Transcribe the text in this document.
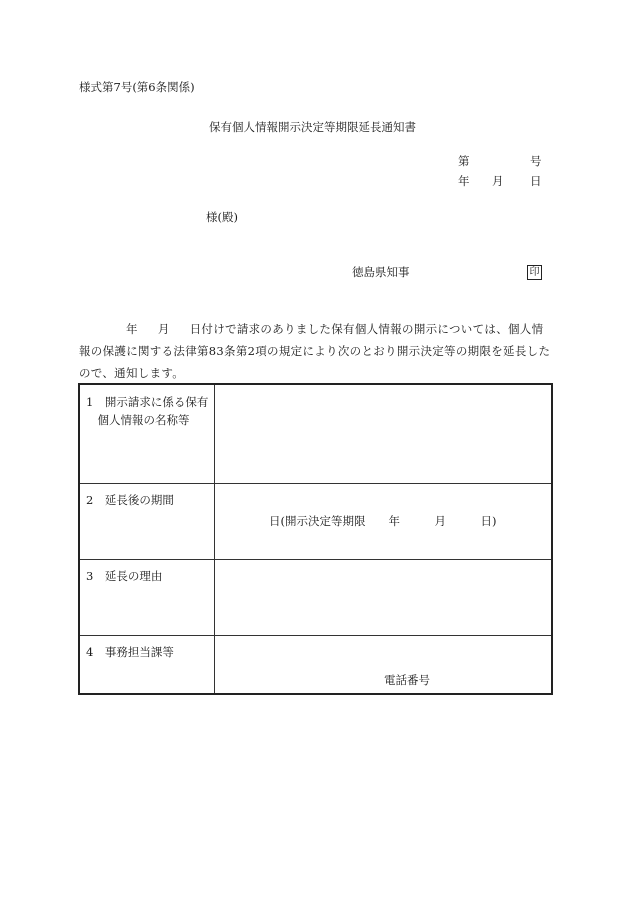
様式第7号(第6条関係)
保有個人情報開示決定等期限延長通知書
第	号
年 月 日
様(殿)
徳島県知事	印
年 月 日付けで請求のありました保有個人情報の開示については、個人情報の保護に関する法律第83条第2項の規定により次のとおり開示決定等の期限を延長したので、通知します。
1　開示請求に係る保有
　個人情報の名称等
2　延長後の期間
日(開示決定等期限　　年　　　月　　　日)
3　延長の理由
4　事務担当課等
電話番号
